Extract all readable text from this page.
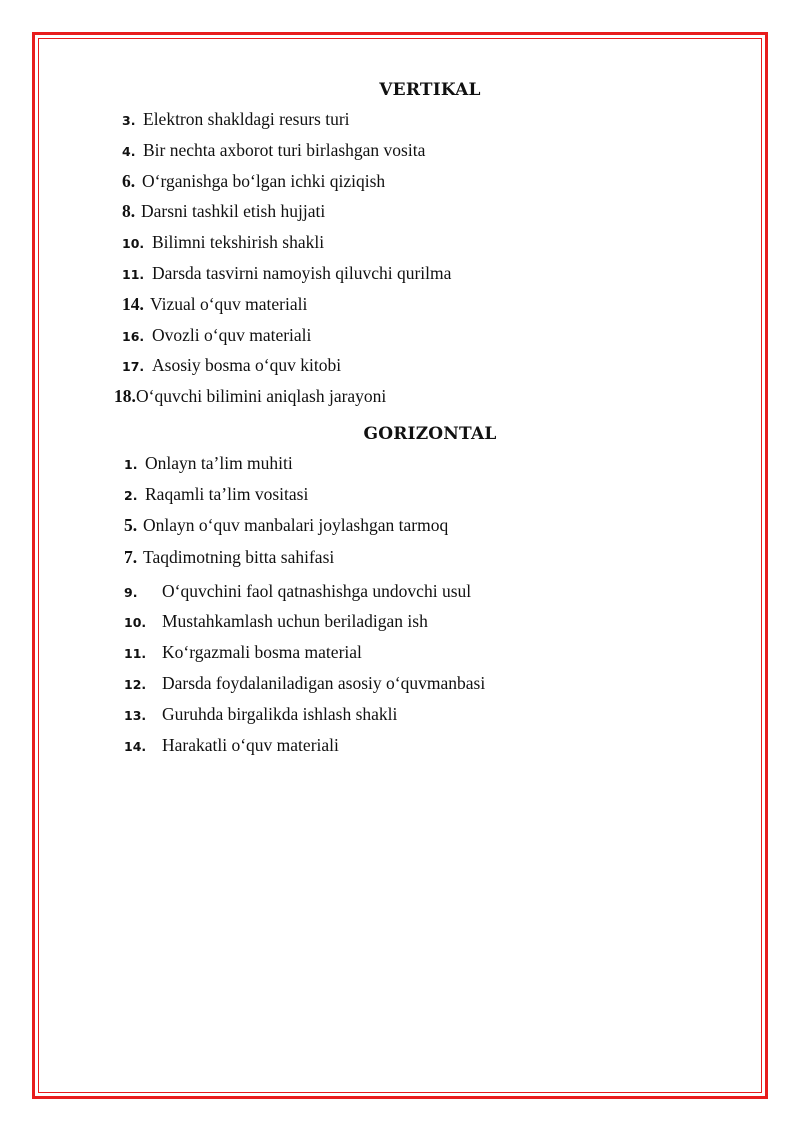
VERTIKAL
3. Elektron shakldagi resurs turi
4. Bir nechta axborot turi birlashgan vosita
6. O‘rganishga bo‘lgan ichki qiziqish
8. Darsni tashkil etish hujjati
10. Bilimni tekshirish shakli
11. Darsda tasvirni namoyish qiluvchi qurilma
14. Vizual o‘quv materiali
16. Ovozli o‘quv materiali
17. Asosiy bosma o‘quv kitobi
18.O‘quvchi bilimini aniqlash jarayoni
GORIZONTAL
1. Onlayn ta’lim muhiti
2. Raqamli ta’lim vositasi
5. Onlayn o‘quv manbalari joylashgan tarmoq
7. Taqdimotning bitta sahifasi
9. O‘quvchini faol qatnashishga undovchi usul
10. Mustahkamlash uchun beriladigan ish
11. Ko‘rgazmali bosma material
12. Darsda foydalaniladigan asosiy o‘quvmanbasi
13. Guruhda birgalikda ishlash shakli
14. Harakatli o‘quv materiali
